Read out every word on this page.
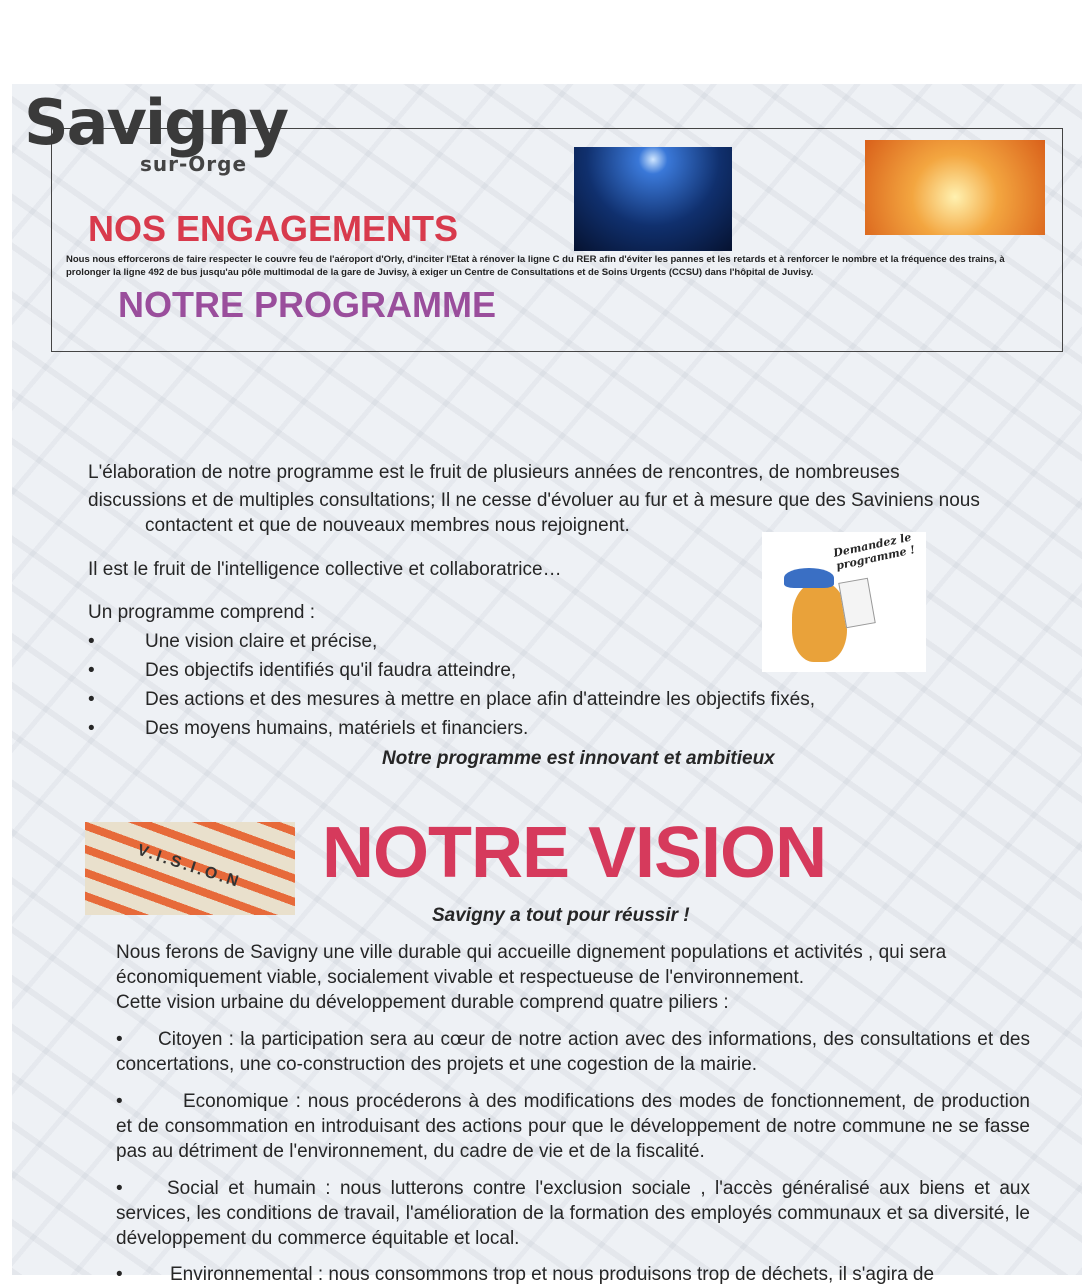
Savigny
sur-Orge
NOS ENGAGEMENTS
Nous nous efforcerons de faire respecter le couvre feu de l'aéroport d'Orly, d'inciter l'Etat à rénover la ligne C du RER afin d'éviter les pannes et les retards et à renforcer le nombre et la fréquence des trains, à prolonger la ligne 492 de bus jusqu'au pôle multimodal de la gare de Juvisy, à exiger un Centre de Consultations et de Soins Urgents (CCSU) dans l'hôpital de Juvisy.
NOTRE PROGRAMME
L'élaboration de notre programme est le fruit de plusieurs années de rencontres, de nombreuses
discussions et de multiples consultations; Il ne cesse d'évoluer au fur et à mesure que des Saviniens nous
contactent et que de nouveaux membres nous rejoignent.
Il est le fruit de l'intelligence collective et collaboratrice…
Un programme comprend :
•	Une vision claire et précise,
•	Des objectifs identifiés qu'il faudra atteindre,
•	Des actions et des mesures à mettre en place afin d'atteindre les objectifs fixés,
•	Des moyens humains, matériels et financiers.
Notre programme est innovant et ambitieux
Demandez le programme !
V.I.S.I.O.N NOTRE VISION
Savigny a tout pour réussir !
Nous ferons de Savigny une ville durable qui accueille dignement populations et activités , qui sera économiquement viable, socialement vivable et respectueuse de l'environnement.
Cette vision urbaine du développement durable comprend quatre piliers :
• Citoyen : la participation sera au cœur de notre action avec des informations, des consultations et des concertations, une co-construction des projets et une cogestion de la mairie.
•	Economique : nous procéderons à des modifications des modes de fonctionnement, de production et de consommation en introduisant des actions pour que le développement de notre commune ne se fasse pas au détriment de l'environnement, du cadre de vie et de la fiscalité.
• Social et humain : nous lutterons contre l'exclusion sociale , l'accès généralisé aux biens et aux services, les conditions de travail, l'amélioration de la formation des employés communaux et sa diversité, le développement du commerce équitable et local.
• Environnemental : nous consommons trop et nous produisons trop de déchets, il s'agira de
